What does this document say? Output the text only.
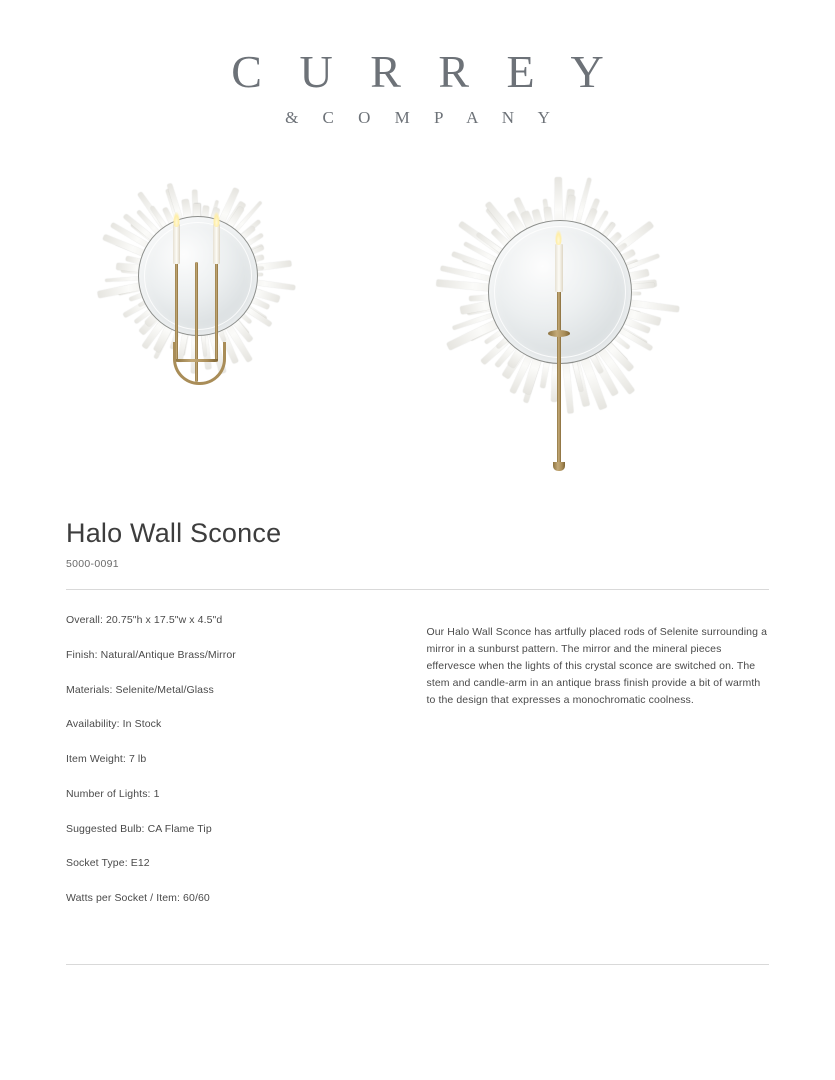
C U R R E Y
& C O M P A N Y
Halo Wall Sconce
5000-0091
Overall: 20.75"h x 17.5"w x 4.5"d
Finish: Natural/Antique Brass/Mirror
Materials: Selenite/Metal/Glass
Availability: In Stock
Item Weight: 7 lb
Number of Lights: 1
Suggested Bulb: CA Flame Tip
Socket Type: E12
Watts per Socket / Item: 60/60

Our Halo Wall Sconce has artfully placed rods of Selenite surrounding a mirror in a sunburst pattern. The mirror and the mineral pieces effervesce when the lights of this crystal sconce are switched on. The stem and candle-arm in an antique brass finish provide a bit of warmth to the design that expresses a monochromatic coolness.
